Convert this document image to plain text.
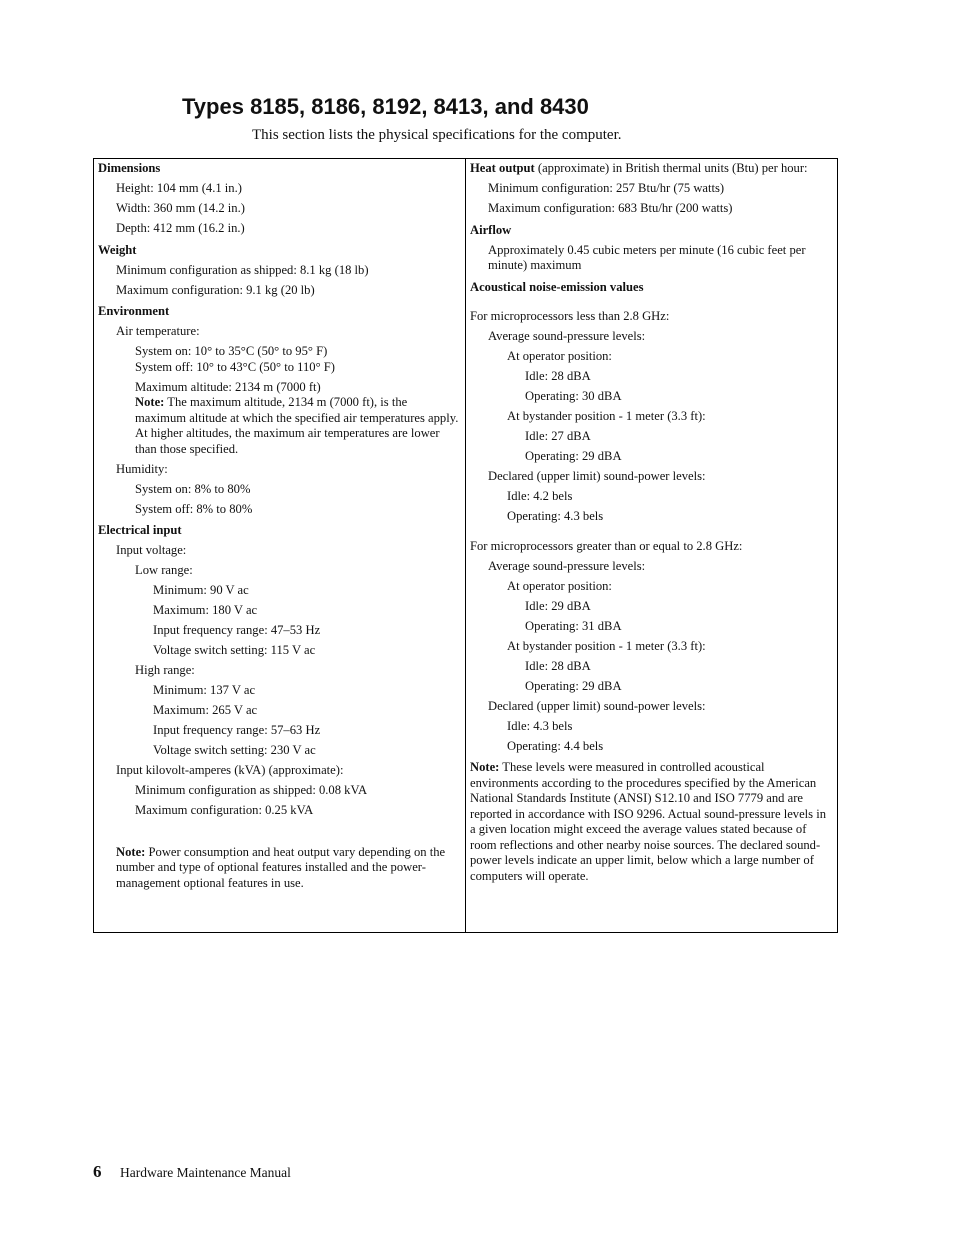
Types 8185, 8186, 8192, 8413, and 8430
This section lists the physical specifications for the computer.
Dimensions
Height: 104 mm (4.1 in.)
Width: 360 mm (14.2 in.)
Depth: 412 mm (16.2 in.)
Weight
Minimum configuration as shipped: 8.1 kg (18 lb)
Maximum configuration: 9.1 kg (20 lb)
Environment
Air temperature:
System on: 10° to 35°C (50° to 95° F)
System off: 10° to 43°C (50° to 110° F)
Maximum altitude: 2134 m (7000 ft)
Note: The maximum altitude, 2134 m (7000 ft), is the maximum altitude at which the specified air temperatures apply. At higher altitudes, the maximum air temperatures are lower than those specified.
Humidity:
System on: 8% to 80%
System off: 8% to 80%
Electrical input
Input voltage:
Low range:
Minimum: 90 V ac
Maximum: 180 V ac
Input frequency range: 47–53 Hz
Voltage switch setting: 115 V ac
High range:
Minimum: 137 V ac
Maximum: 265 V ac
Input frequency range: 57–63 Hz
Voltage switch setting: 230 V ac
Input kilovolt-amperes (kVA) (approximate):
Minimum configuration as shipped: 0.08 kVA
Maximum configuration: 0.25 kVA
Note: Power consumption and heat output vary depending on the number and type of optional features installed and the power-management optional features in use.
Heat output (approximate) in British thermal units (Btu) per hour:
Minimum configuration: 257 Btu/hr (75 watts)
Maximum configuration: 683 Btu/hr (200 watts)
Airflow
Approximately 0.45 cubic meters per minute (16 cubic feet per minute) maximum
Acoustical noise-emission values
For microprocessors less than 2.8 GHz:
Average sound-pressure levels:
At operator position:
Idle: 28 dBA
Operating: 30 dBA
At bystander position - 1 meter (3.3 ft):
Idle: 27 dBA
Operating: 29 dBA
Declared (upper limit) sound-power levels:
Idle: 4.2 bels
Operating: 4.3 bels
For microprocessors greater than or equal to 2.8 GHz:
Average sound-pressure levels:
At operator position:
Idle: 29 dBA
Operating: 31 dBA
At bystander position - 1 meter (3.3 ft):
Idle: 28 dBA
Operating: 29 dBA
Declared (upper limit) sound-power levels:
Idle: 4.3 bels
Operating: 4.4 bels
Note: These levels were measured in controlled acoustical environments according to the procedures specified by the American National Standards Institute (ANSI) S12.10 and ISO 7779 and are reported in accordance with ISO 9296. Actual sound-pressure levels in a given location might exceed the average values stated because of room reflections and other nearby noise sources. The declared sound-power levels indicate an upper limit, below which a large number of computers will operate.
6	Hardware Maintenance Manual
